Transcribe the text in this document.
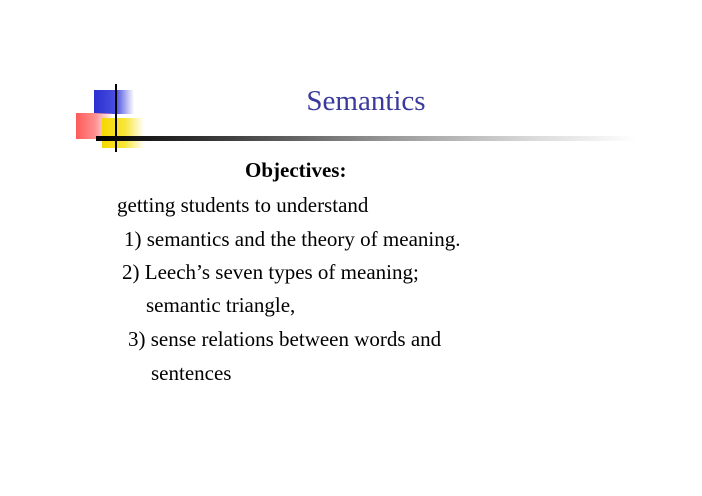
Semantics

Objectives:

getting students to understand

1) semantics and the theory of meaning.

2) Leech’s seven types of meaning;

semantic triangle,

3) sense relations between words and

sentences
